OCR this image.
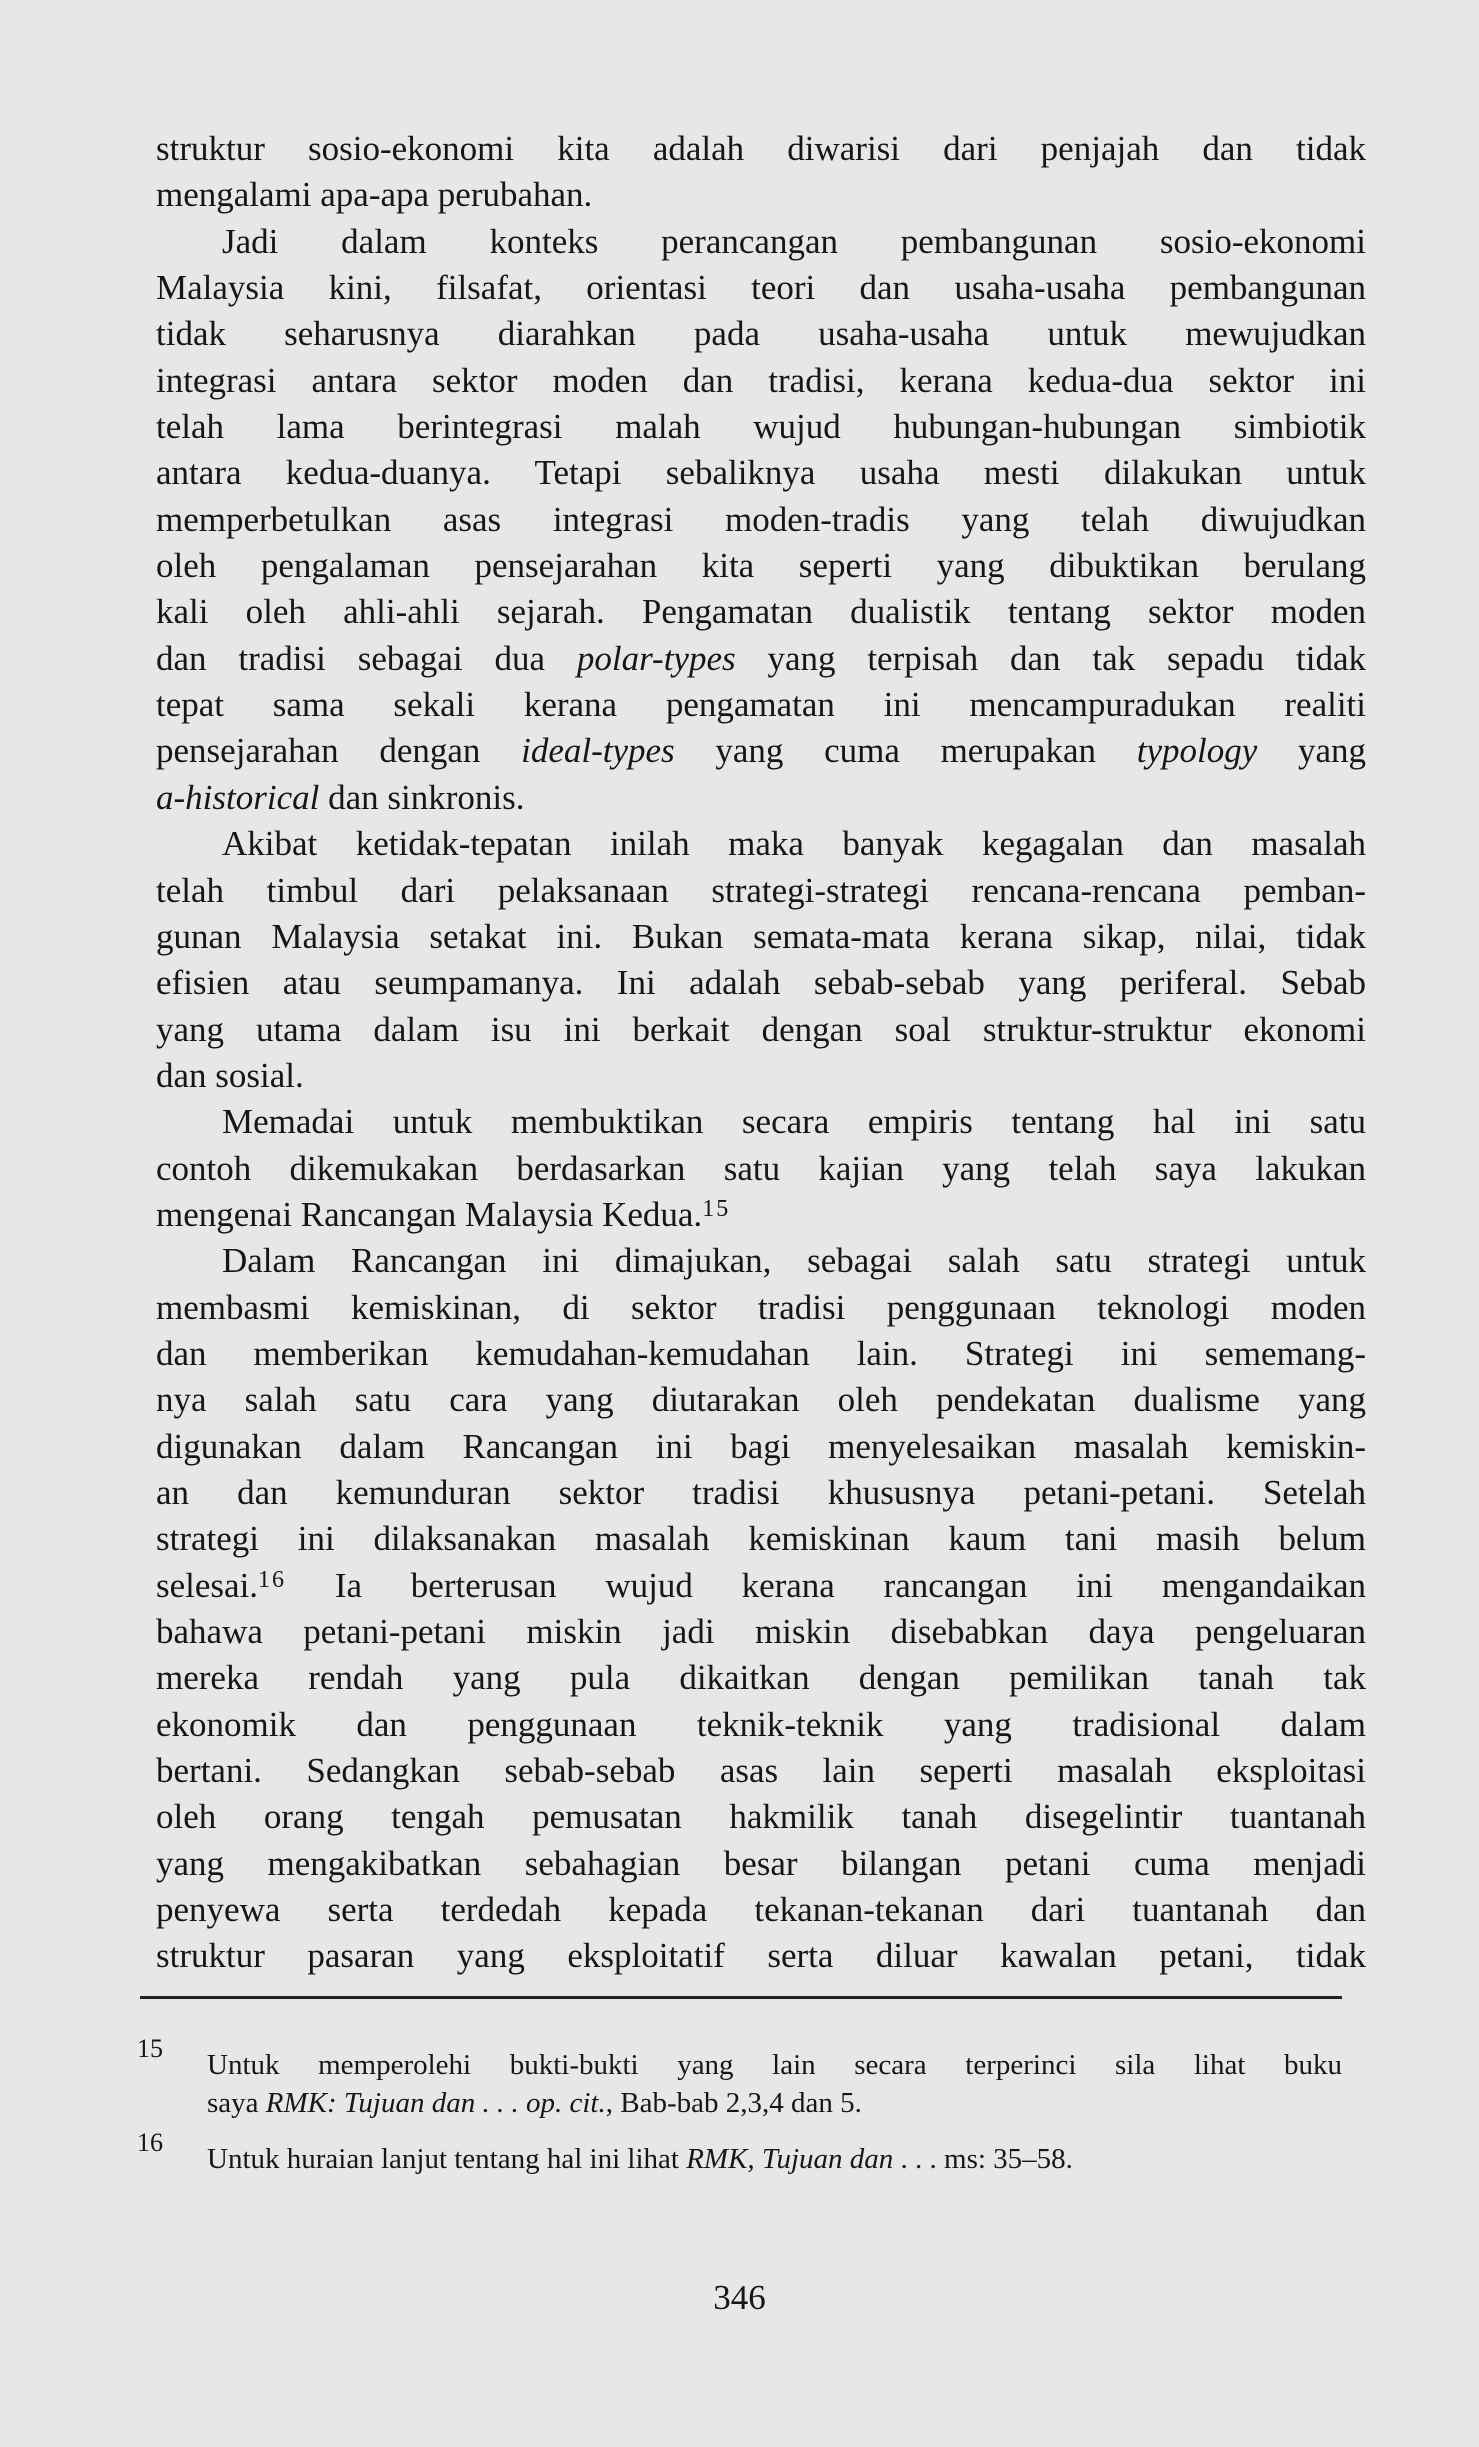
struktur sosio-ekonomi kita adalah diwarisi dari penjajah dan tidak
mengalami apa-apa perubahan.
Jadi dalam konteks perancangan pembangunan sosio-ekonomi
Malaysia kini, filsafat, orientasi teori dan usaha-usaha pembangunan
tidak seharusnya diarahkan pada usaha-usaha untuk mewujudkan
integrasi antara sektor moden dan tradisi, kerana kedua-dua sektor ini
telah lama berintegrasi malah wujud hubungan-hubungan simbiotik
antara kedua-duanya. Tetapi sebaliknya usaha mesti dilakukan untuk
memperbetulkan asas integrasi moden-tradis yang telah diwujudkan
oleh pengalaman pensejarahan kita seperti yang dibuktikan berulang
kali oleh ahli-ahli sejarah. Pengamatan dualistik tentang sektor moden
dan tradisi sebagai dua polar-types yang terpisah dan tak sepadu tidak
tepat sama sekali kerana pengamatan ini mencampuradukan realiti
pensejarahan dengan ideal-types yang cuma merupakan typology yang
a-historical dan sinkronis.
Akibat ketidak-tepatan inilah maka banyak kegagalan dan masalah
telah timbul dari pelaksanaan strategi-strategi rencana-rencana pemban-
gunan Malaysia setakat ini. Bukan semata-mata kerana sikap, nilai, tidak
efisien atau seumpamanya. Ini adalah sebab-sebab yang periferal. Sebab
yang utama dalam isu ini berkait dengan soal struktur-struktur ekonomi
dan sosial.
Memadai untuk membuktikan secara empiris tentang hal ini satu
contoh dikemukakan berdasarkan satu kajian yang telah saya lakukan
mengenai Rancangan Malaysia Kedua.$^{15}$
Dalam Rancangan ini dimajukan, sebagai salah satu strategi untuk
membasmi kemiskinan, di sektor tradisi penggunaan teknologi moden
dan memberikan kemudahan-kemudahan lain. Strategi ini sememang-
nya salah satu cara yang diutarakan oleh pendekatan dualisme yang
digunakan dalam Rancangan ini bagi menyelesaikan masalah kemiskin-
an dan kemunduran sektor tradisi khususnya petani-petani. Setelah
strategi ini dilaksanakan masalah kemiskinan kaum tani masih belum
selesai.$^{16}$ Ia berterusan wujud kerana rancangan ini mengandaikan
bahawa petani-petani miskin jadi miskin disebabkan daya pengeluaran
mereka rendah yang pula dikaitkan dengan pemilikan tanah tak
ekonomik dan penggunaan teknik-teknik yang tradisional dalam
bertani. Sedangkan sebab-sebab asas lain seperti masalah eksploitasi
oleh orang tengah pemusatan hakmilik tanah disegelintir tuantanah
yang mengakibatkan sebahagian besar bilangan petani cuma menjadi
penyewa serta terdedah kepada tekanan-tekanan dari tuantanah dan
struktur pasaran yang eksploitatif serta diluar kawalan petani, tidak
15
Untuk memperolehi bukti-bukti yang lain secara terperinci sila lihat buku
saya RMK: Tujuan dan . . . op. cit., Bab-bab 2,3,4 dan 5.
16
Untuk huraian lanjut tentang hal ini lihat RMK, Tujuan dan . . . ms: 35–58.
346
